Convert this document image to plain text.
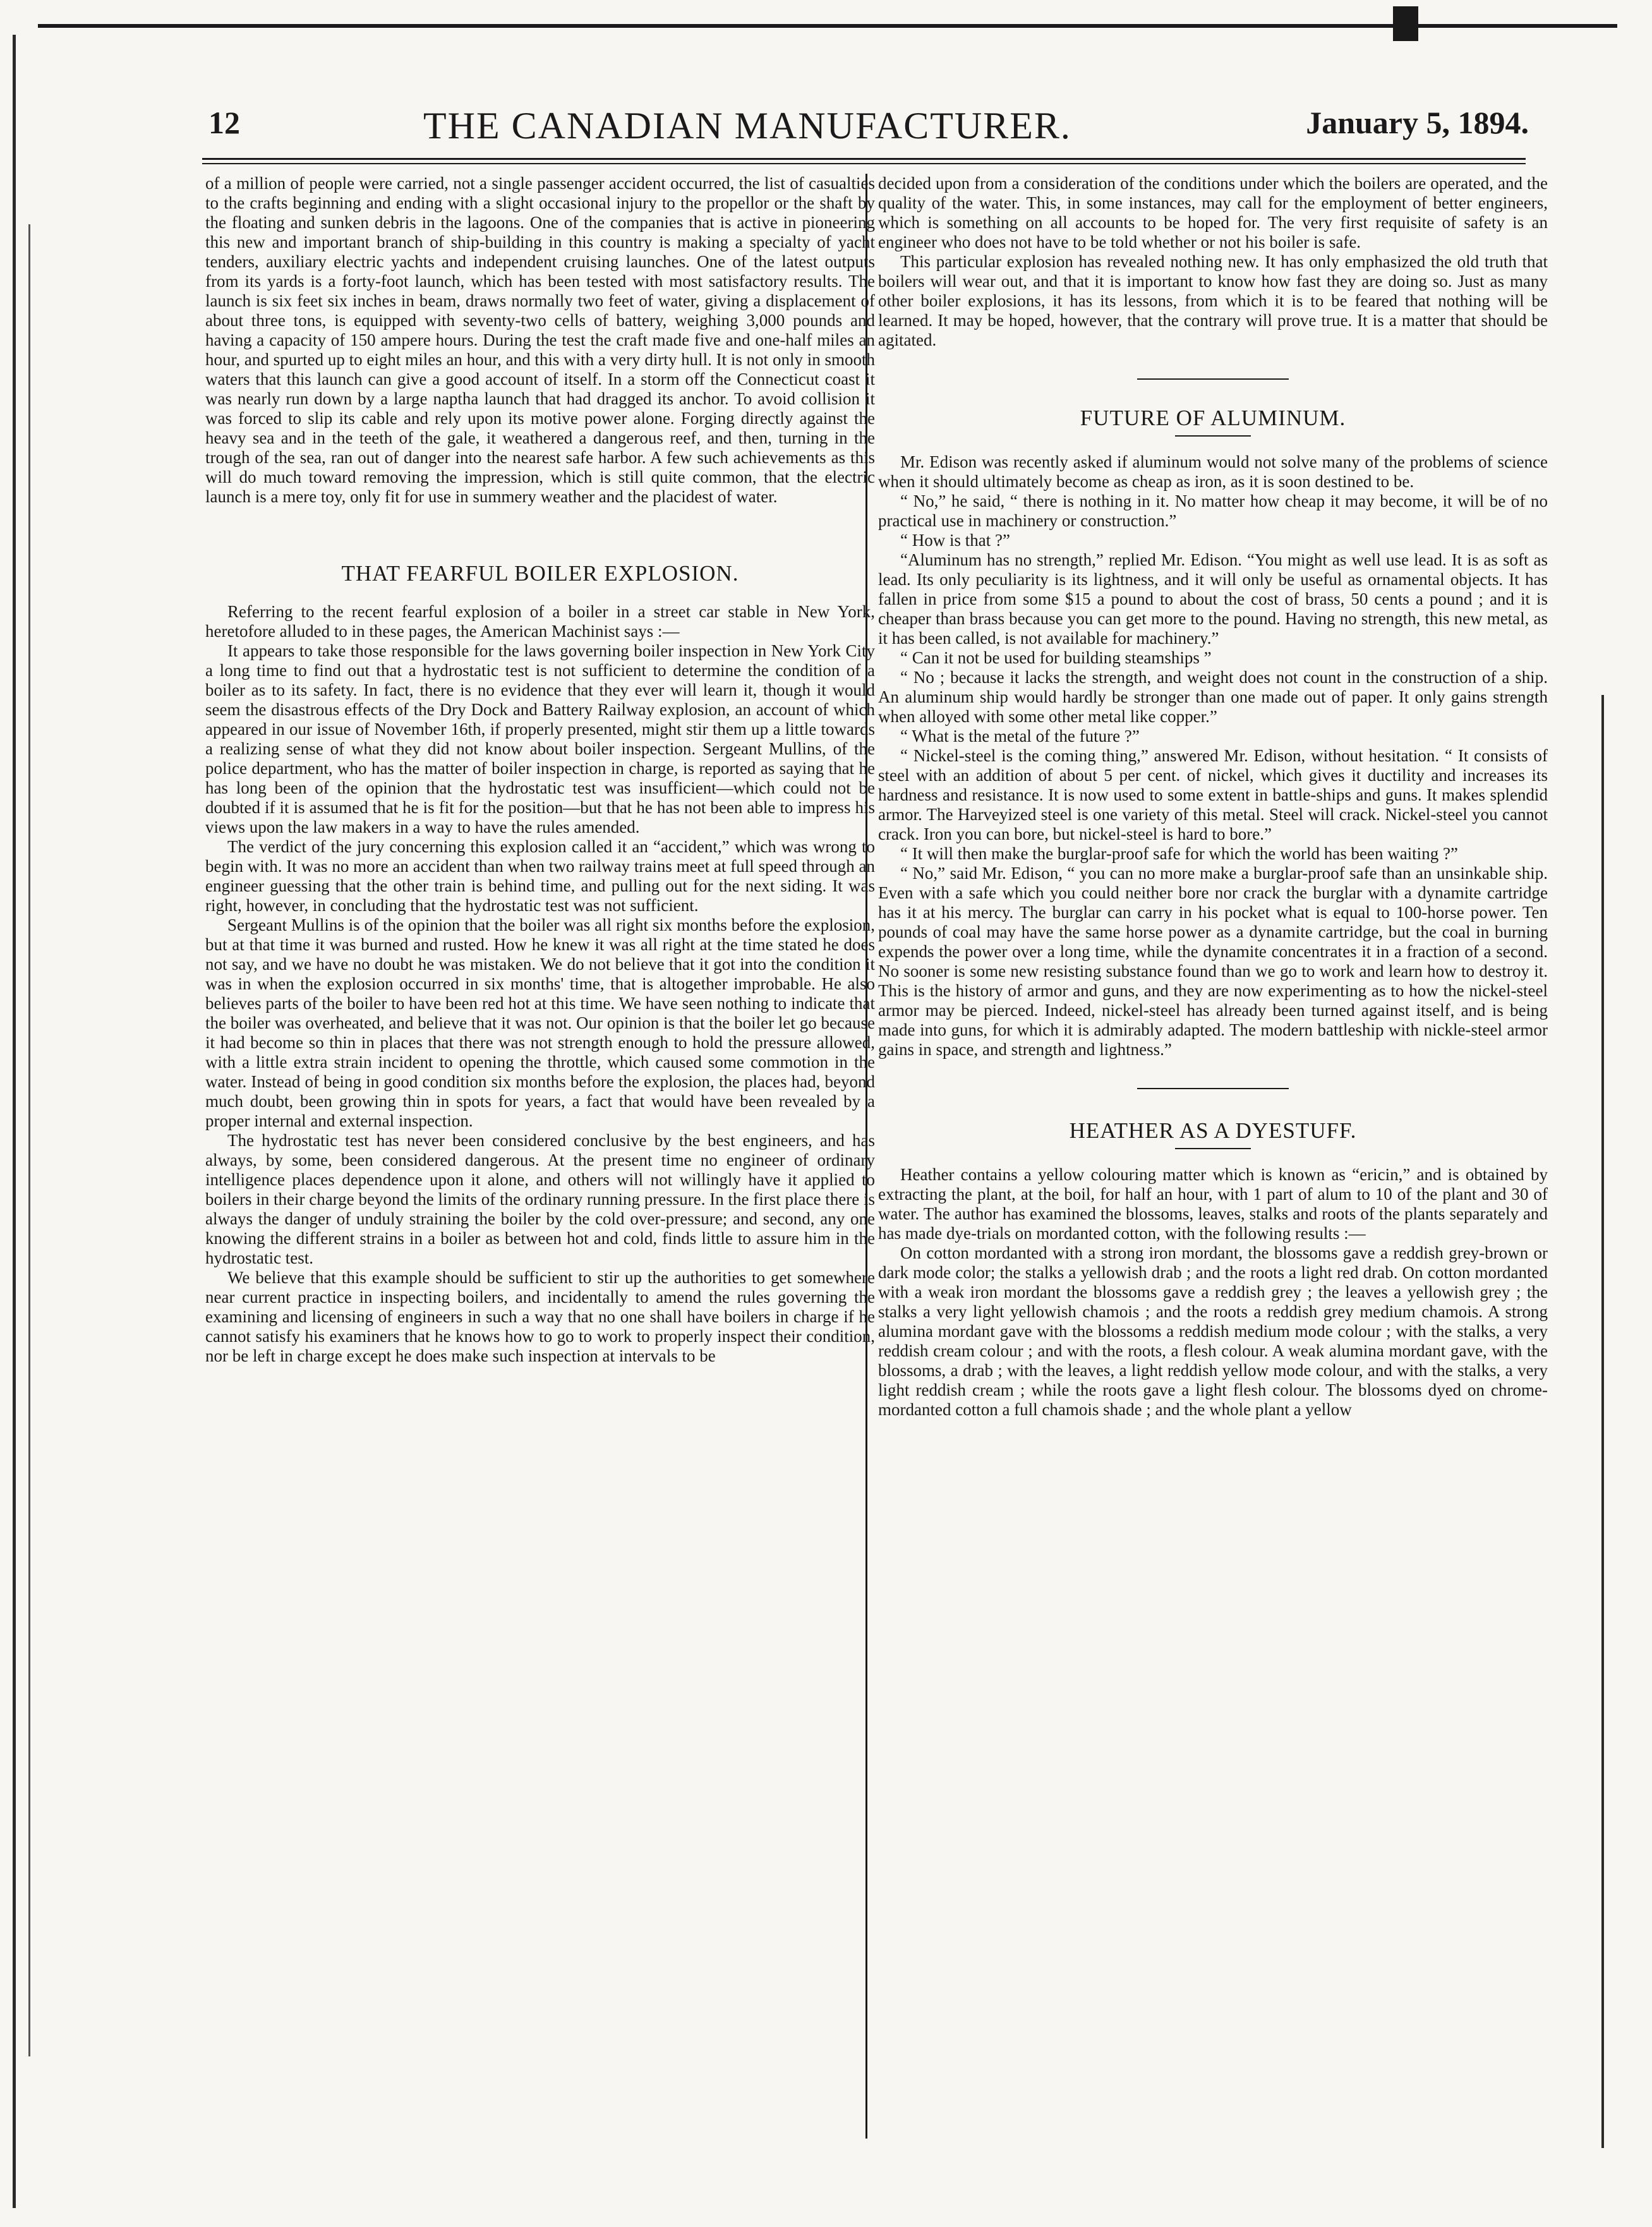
12	THE CANADIAN MANUFACTURER.	January 5, 1894.

of a million of people were carried, not a single passenger accident occurred, the list of casualties to the crafts beginning and ending with a slight occasional injury to the propellor or the shaft by the floating and sunken debris in the lagoons. One of the companies that is active in pioneering this new and important branch of ship-building in this country is making a specialty of yacht tenders, auxiliary electric yachts and independent cruising launches. One of the latest outputs from its yards is a forty-foot launch, which has been tested with most satisfactory results. The launch is six feet six inches in beam, draws normally two feet of water, giving a displacement of about three tons, is equipped with seventy-two cells of battery, weighing 3,000 pounds and having a capacity of 150 ampere hours. During the test the craft made five and one-half miles an hour, and spurted up to eight miles an hour, and this with a very dirty hull. It is not only in smooth waters that this launch can give a good account of itself. In a storm off the Connecticut coast it was nearly run down by a large naptha launch that had dragged its anchor. To avoid collision it was forced to slip its cable and rely upon its motive power alone. Forging directly against the heavy sea and in the teeth of the gale, it weathered a dangerous reef, and then, turning in the trough of the sea, ran out of danger into the nearest safe harbor. A few such achievements as this will do much toward removing the impression, which is still quite common, that the electric launch is a mere toy, only fit for use in summery weather and the placidest of water.

THAT FEARFUL BOILER EXPLOSION.

Referring to the recent fearful explosion of a boiler in a street car stable in New York, heretofore alluded to in these pages, the American Machinist says :—

It appears to take those responsible for the laws governing boiler inspection in New York City a long time to find out that a hydrostatic test is not sufficient to determine the condition of a boiler as to its safety. In fact, there is no evidence that they ever will learn it, though it would seem the disastrous effects of the Dry Dock and Battery Railway explosion, an account of which appeared in our issue of November 16th, if properly presented, might stir them up a little towards a realizing sense of what they did not know about boiler inspection. Sergeant Mullins, of the police department, who has the matter of boiler inspection in charge, is reported as saying that he has long been of the opinion that the hydrostatic test was insufficient—which could not be doubted if it is assumed that he is fit for the position—but that he has not been able to impress his views upon the law makers in a way to have the rules amended.

The verdict of the jury concerning this explosion called it an “accident,” which was wrong to begin with. It was no more an accident than when two railway trains meet at full speed through an engineer guessing that the other train is behind time, and pulling out for the next siding. It was right, however, in concluding that the hydrostatic test was not sufficient.

Sergeant Mullins is of the opinion that the boiler was all right six months before the explosion, but at that time it was burned and rusted. How he knew it was all right at the time stated he does not say, and we have no doubt he was mistaken. We do not believe that it got into the condition it was in when the explosion occurred in six months' time, that is altogether improbable. He also believes parts of the boiler to have been red hot at this time. We have seen nothing to indicate that the boiler was overheated, and believe that it was not. Our opinion is that the boiler let go because it had become so thin in places that there was not strength enough to hold the pressure allowed, with a little extra strain incident to opening the throttle, which caused some commotion in the water. Instead of being in good condition six months before the explosion, the places had, beyond much doubt, been growing thin in spots for years, a fact that would have been revealed by a proper internal and external inspection.

The hydrostatic test has never been considered conclusive by the best engineers, and has always, by some, been considered dangerous. At the present time no engineer of ordinary intelligence places dependence upon it alone, and others will not willingly have it applied to boilers in their charge beyond the limits of the ordinary running pressure. In the first place there is always the danger of unduly straining the boiler by the cold over-pressure; and second, any one knowing the different strains in a boiler as between hot and cold, finds little to assure him in the hydrostatic test.

We believe that this example should be sufficient to stir up the authorities to get somewhere near current practice in inspecting boilers, and incidentally to amend the rules governing the examining and licensing of engineers in such a way that no one shall have boilers in charge if he cannot satisfy his examiners that he knows how to go to work to properly inspect their condition, nor be left in charge except he does make such inspection at intervals to be

decided upon from a consideration of the conditions under which the boilers are operated, and the quality of the water. This, in some instances, may call for the employment of better engineers, which is something on all accounts to be hoped for. The very first requisite of safety is an engineer who does not have to be told whether or not his boiler is safe.

This particular explosion has revealed nothing new. It has only emphasized the old truth that boilers will wear out, and that it is important to know how fast they are doing so. Just as many other boiler explosions, it has its lessons, from which it is to be feared that nothing will be learned. It may be hoped, however, that the contrary will prove true. It is a matter that should be agitated.

FUTURE OF ALUMINUM.

Mr. Edison was recently asked if aluminum would not solve many of the problems of science when it should ultimately become as cheap as iron, as it is soon destined to be.

“ No,” he said, “ there is nothing in it. No matter how cheap it may become, it will be of no practical use in machinery or construction.”

“ How is that ?”

“Aluminum has no strength,” replied Mr. Edison. “You might as well use lead. It is as soft as lead. Its only peculiarity is its lightness, and it will only be useful as ornamental objects. It has fallen in price from some $15 a pound to about the cost of brass, 50 cents a pound ; and it is cheaper than brass because you can get more to the pound. Having no strength, this new metal, as it has been called, is not available for machinery.”

“ Can it not be used for building steamships ”

“ No ; because it lacks the strength, and weight does not count in the construction of a ship. An aluminum ship would hardly be stronger than one made out of paper. It only gains strength when alloyed with some other metal like copper.”

“ What is the metal of the future ?”

“ Nickel-steel is the coming thing,” answered Mr. Edison, without hesitation. “ It consists of steel with an addition of about 5 per cent. of nickel, which gives it ductility and increases its hardness and resistance. It is now used to some extent in battle-ships and guns. It makes splendid armor. The Harveyized steel is one variety of this metal. Steel will crack. Nickel-steel you cannot crack. Iron you can bore, but nickel-steel is hard to bore.”

“ It will then make the burglar-proof safe for which the world has been waiting ?”

“ No,” said Mr. Edison, “ you can no more make a burglar-proof safe than an unsinkable ship. Even with a safe which you could neither bore nor crack the burglar with a dynamite cartridge has it at his mercy. The burglar can carry in his pocket what is equal to 100-horse power. Ten pounds of coal may have the same horse power as a dynamite cartridge, but the coal in burning expends the power over a long time, while the dynamite concentrates it in a fraction of a second. No sooner is some new resisting substance found than we go to work and learn how to destroy it. This is the history of armor and guns, and they are now experimenting as to how the nickel-steel armor may be pierced. Indeed, nickel-steel has already been turned against itself, and is being made into guns, for which it is admirably adapted. The modern battleship with nickle-steel armor gains in space, and strength and lightness.”

HEATHER AS A DYESTUFF.

Heather contains a yellow colouring matter which is known as “ericin,” and is obtained by extracting the plant, at the boil, for half an hour, with 1 part of alum to 10 of the plant and 30 of water. The author has examined the blossoms, leaves, stalks and roots of the plants separately and has made dye-trials on mordanted cotton, with the following results :—

On cotton mordanted with a strong iron mordant, the blossoms gave a reddish grey-brown or dark mode color; the stalks a yellowish drab ; and the roots a light red drab. On cotton mordanted with a weak iron mordant the blossoms gave a reddish grey ; the leaves a yellowish grey ; the stalks a very light yellowish chamois ; and the roots a reddish grey medium chamois. A strong alumina mordant gave with the blossoms a reddish medium mode colour ; with the stalks, a very reddish cream colour ; and with the roots, a flesh colour. A weak alumina mordant gave, with the blossoms, a drab ; with the leaves, a light reddish yellow mode colour, and with the stalks, a very light reddish cream ; while the roots gave a light flesh colour. The blossoms dyed on chrome-mordanted cotton a full chamois shade ; and the whole plant a yellow
